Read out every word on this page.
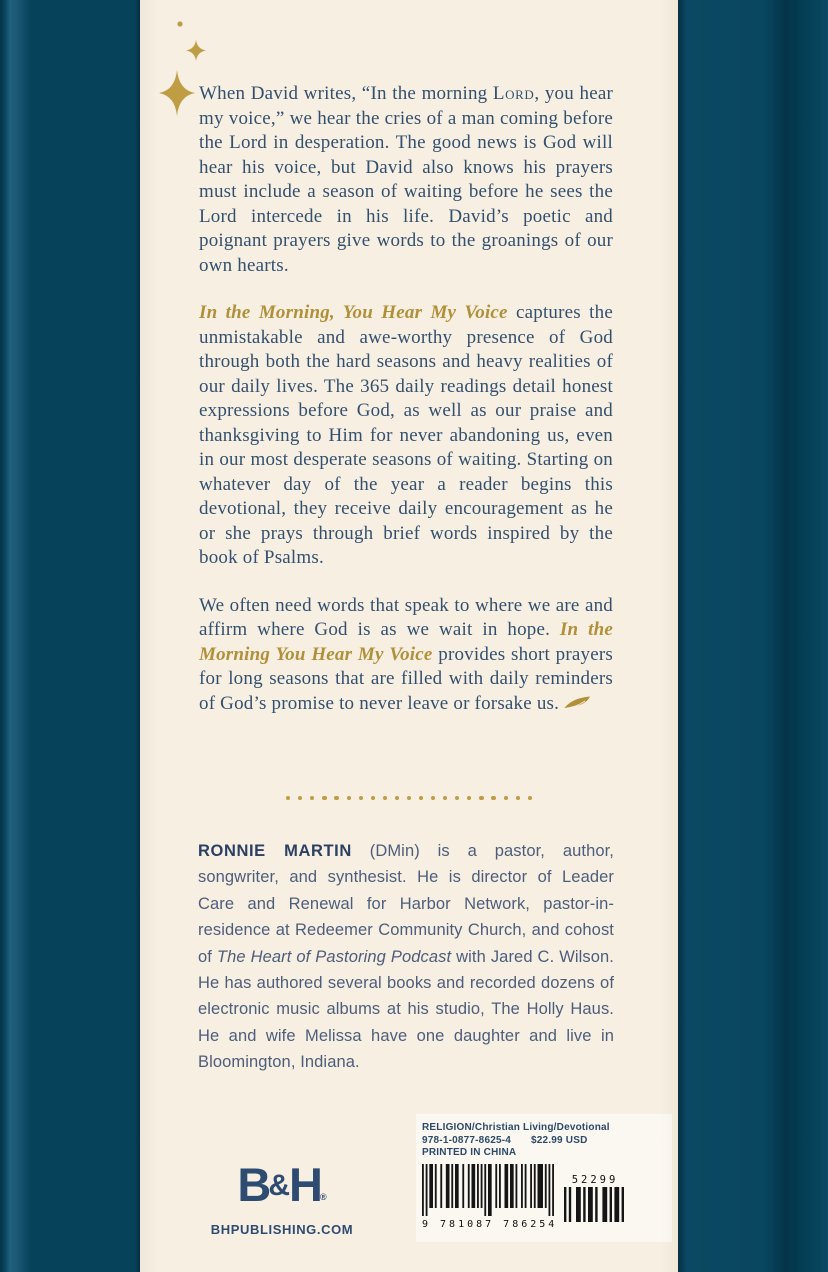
When David writes, “In the morning Lord, you hear my voice,” we hear the cries of a man coming before the Lord in desperation. The good news is God will hear his voice, but David also knows his prayers must include a season of waiting before he sees the Lord intercede in his life. David’s poetic and poignant prayers give words to the groanings of our own hearts.

In the Morning, You Hear My Voice captures the unmistakable and awe-worthy presence of God through both the hard seasons and heavy realities of our daily lives. The 365 daily readings detail honest expressions before God, as well as our praise and thanksgiving to Him for never abandoning us, even in our most desperate seasons of waiting. Starting on whatever day of the year a reader begins this devotional, they receive daily encouragement as he or she prays through brief words inspired by the book of Psalms.

We often need words that speak to where we are and affirm where God is as we wait in hope. In the Morning You Hear My Voice provides short prayers for long seasons that are filled with daily reminders of God’s promise to never leave or forsake us.

RONNIE MARTIN (DMin) is a pastor, author, songwriter, and synthesist. He is director of Leader Care and Renewal for Harbor Network, pastor-in-residence at Redeemer Community Church, and cohost of The Heart of Pastoring Podcast with Jared C. Wilson. He has authored several books and recorded dozens of electronic music albums at his studio, The Holly Haus. He and wife Melissa have one daughter and live in Bloomington, Indiana.
B&H®
BHPUBLISHING.COM
RELIGION/Christian Living/Devotional
978-1-0877-8625-4 $22.99 USD
PRINTED IN CHINA
9 781087 786254
52299
